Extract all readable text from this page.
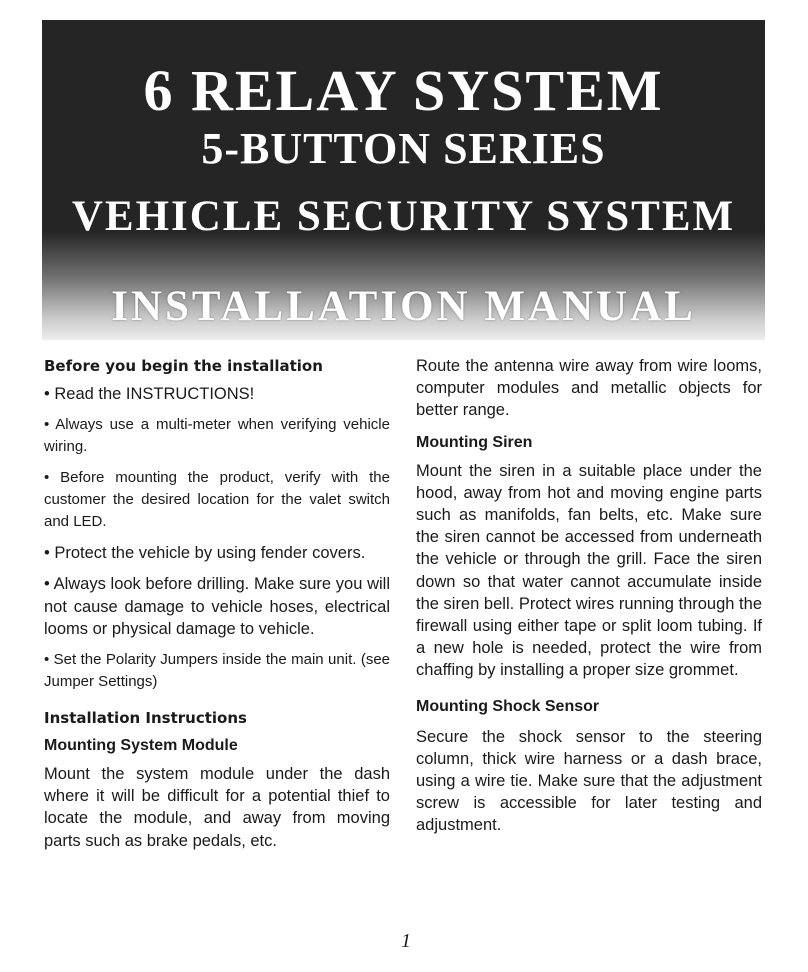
6 RELAY SYSTEM
5-BUTTON SERIES
VEHICLE SECURITY SYSTEM
INSTALLATION MANUAL
Before you begin the installation

• Read the INSTRUCTIONS!

• Always use a multi-meter when verifying vehicle wiring.

• Before mounting the product, verify with the customer the desired location for the valet switch and LED.

• Protect the vehicle by using fender covers.

• Always look before drilling. Make sure you will not cause damage to vehicle hoses, electrical looms or physical damage to vehicle.

• Set the Polarity Jumpers inside the main unit. (see Jumper Settings)

Installation Instructions
Mounting System Module

Mount the system module under the dash where it will be difficult for a potential thief to locate the module, and away from moving parts such as brake pedals, etc.

Route the antenna wire away from wire looms, computer modules and metallic objects for better range.

Mounting Siren

Mount the siren in a suitable place under the hood, away from hot and moving engine parts such as manifolds, fan belts, etc. Make sure the siren cannot be accessed from underneath the vehicle or through the grill. Face the siren down so that water cannot accumulate inside the siren bell. Protect wires running through the firewall using either tape or split loom tubing. If a new hole is needed, protect the wire from chaffing by installing a proper size grommet.

Mounting Shock Sensor

Secure the shock sensor to the steering column, thick wire harness or a dash brace, using a wire tie. Make sure that the adjustment screw is accessible for later testing and adjustment.

1
